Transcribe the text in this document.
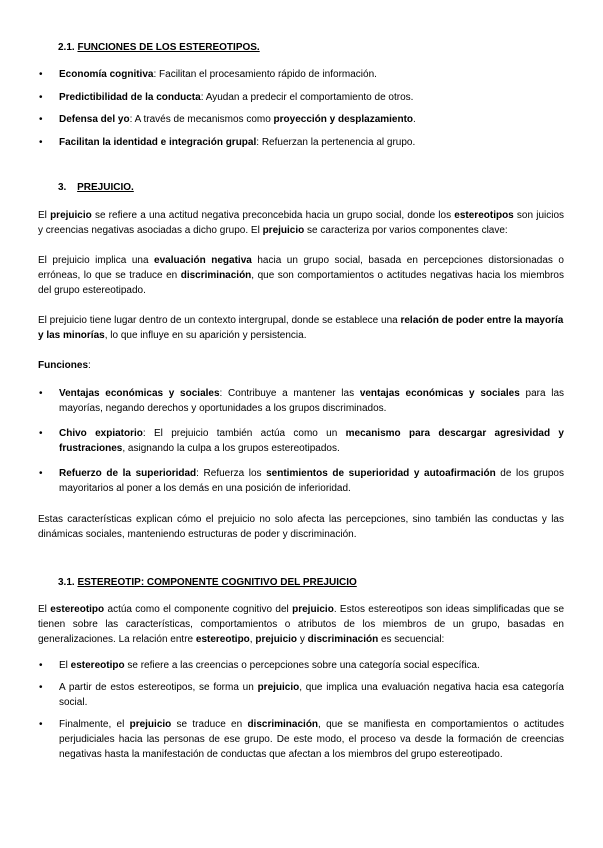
2.1. FUNCIONES DE LOS ESTEREOTIPOS.
• Economía cognitiva: Facilitan el procesamiento rápido de información.
• Predictibilidad de la conducta: Ayudan a predecir el comportamiento de otros.
• Defensa del yo: A través de mecanismos como proyección y desplazamiento.
• Facilitan la identidad e integración grupal: Refuerzan la pertenencia al grupo.
3. PREJUICIO.
El prejuicio se refiere a una actitud negativa preconcebida hacia un grupo social, donde los estereotipos son juicios y creencias negativas asociadas a dicho grupo. El prejuicio se caracteriza por varios componentes clave:
El prejuicio implica una evaluación negativa hacia un grupo social, basada en percepciones distorsionadas o erróneas, lo que se traduce en discriminación, que son comportamientos o actitudes negativas hacia los miembros del grupo estereotipado.
El prejuicio tiene lugar dentro de un contexto intergrupal, donde se establece una relación de poder entre la mayoría y las minorías, lo que influye en su aparición y persistencia.
Funciones:
• Ventajas económicas y sociales: Contribuye a mantener las ventajas económicas y sociales para las mayorías, negando derechos y oportunidades a los grupos discriminados.
• Chivo expiatorio: El prejuicio también actúa como un mecanismo para descargar agresividad y frustraciones, asignando la culpa a los grupos estereotipados.
• Refuerzo de la superioridad: Refuerza los sentimientos de superioridad y autoafirmación de los grupos mayoritarios al poner a los demás en una posición de inferioridad.
Estas características explican cómo el prejuicio no solo afecta las percepciones, sino también las conductas y las dinámicas sociales, manteniendo estructuras de poder y discriminación.
3.1. ESTEREOTIP: COMPONENTE COGNITIVO DEL PREJUICIO
El estereotipo actúa como el componente cognitivo del prejuicio. Estos estereotipos son ideas simplificadas que se tienen sobre las características, comportamientos o atributos de los miembros de un grupo, basadas en generalizaciones. La relación entre estereotipo, prejuicio y discriminación es secuencial:
• El estereotipo se refiere a las creencias o percepciones sobre una categoría social específica.
• A partir de estos estereotipos, se forma un prejuicio, que implica una evaluación negativa hacia esa categoría social.
• Finalmente, el prejuicio se traduce en discriminación, que se manifiesta en comportamientos o actitudes perjudiciales hacia las personas de ese grupo. De este modo, el proceso va desde la formación de creencias negativas hasta la manifestación de conductas que afectan a los miembros del grupo estereotipado.
